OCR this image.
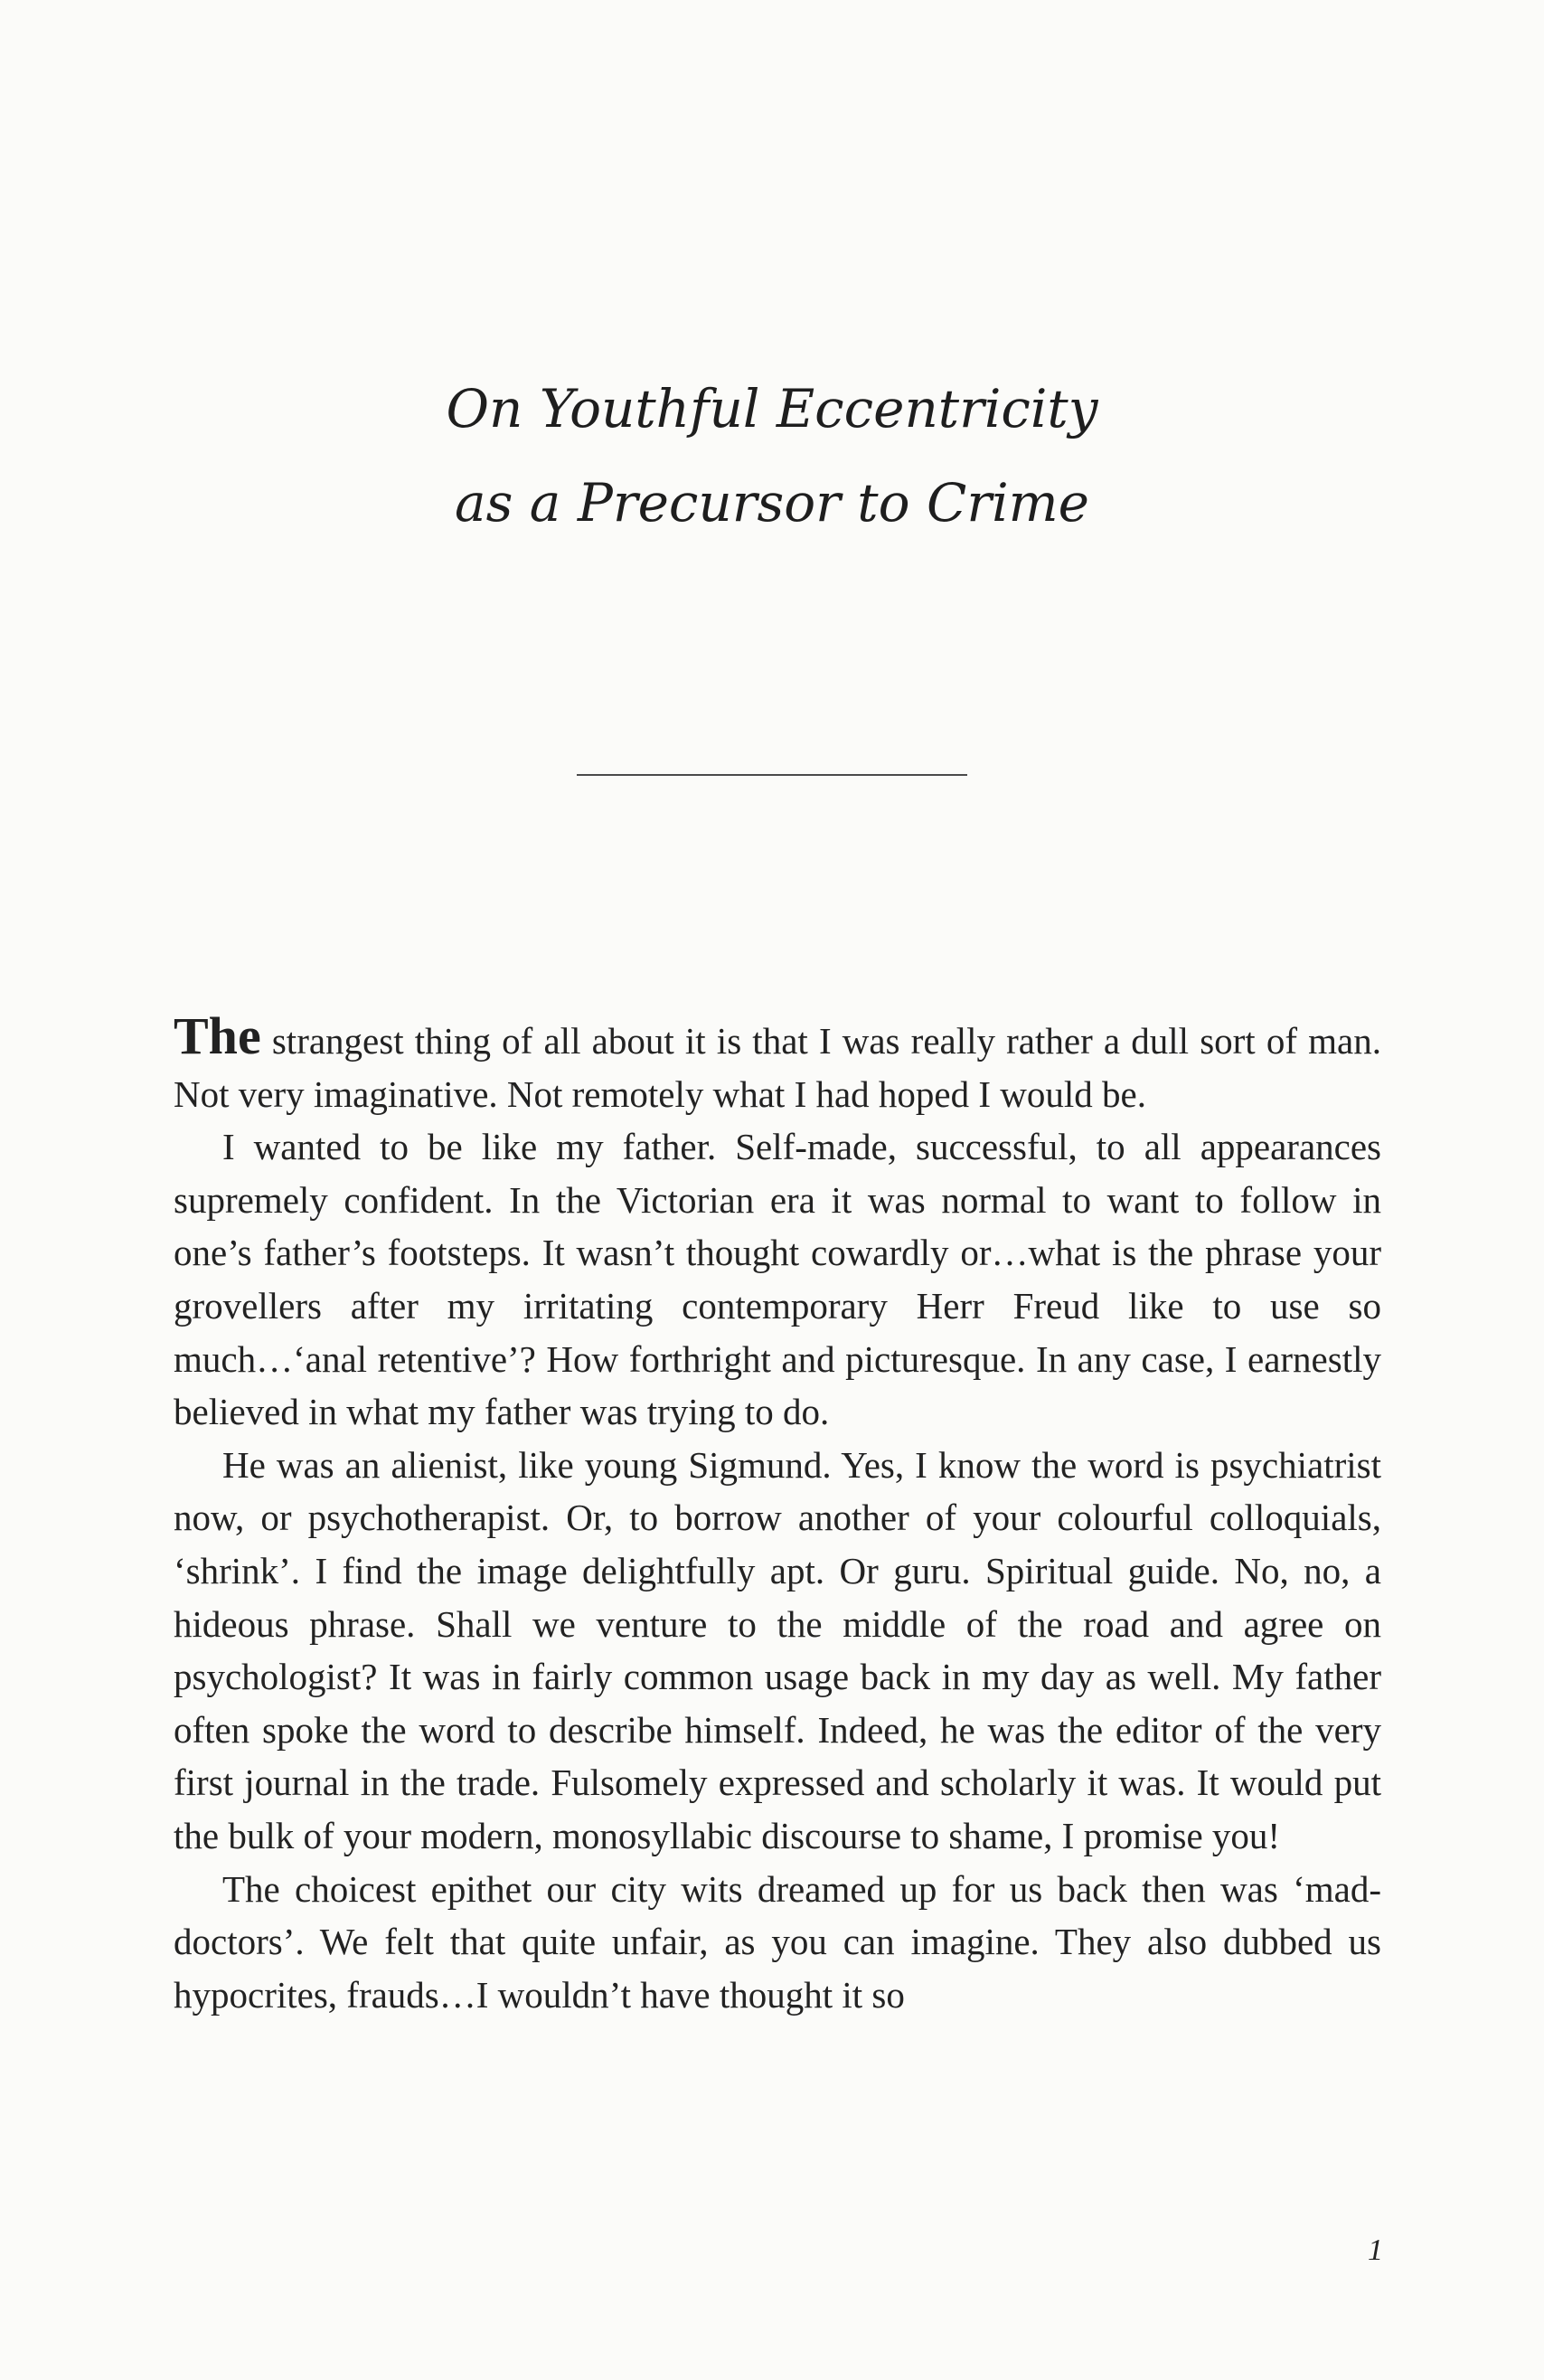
On Youthful Eccentricity

as a Precursor to Crime

The strangest thing of all about it is that I was really rather a dull sort of man. Not very imaginative. Not remotely what I had hoped I would be.

I wanted to be like my father. Self-made, successful, to all appearances supremely confident. In the Victorian era it was normal to want to follow in one’s father’s footsteps. It wasn’t thought cowardly or…what is the phrase your grovellers after my irritating contemporary Herr Freud like to use so much…‘anal retentive’? How forthright and picturesque. In any case, I earnestly believed in what my father was trying to do.

He was an alienist, like young Sigmund. Yes, I know the word is psychiatrist now, or psychotherapist. Or, to borrow another of your colourful colloquials, ‘shrink’. I find the image delightfully apt. Or guru. Spiritual guide. No, no, a hideous phrase. Shall we venture to the middle of the road and agree on psychologist? It was in fairly common usage back in my day as well. My father often spoke the word to describe himself. Indeed, he was the editor of the very first journal in the trade. Fulsomely expressed and scholarly it was. It would put the bulk of your modern, monosyllabic discourse to shame, I promise you!

The choicest epithet our city wits dreamed up for us back then was ‘mad-doctors’. We felt that quite unfair, as you can imagine. They also dubbed us hypocrites, frauds…I wouldn’t have thought it so

1
